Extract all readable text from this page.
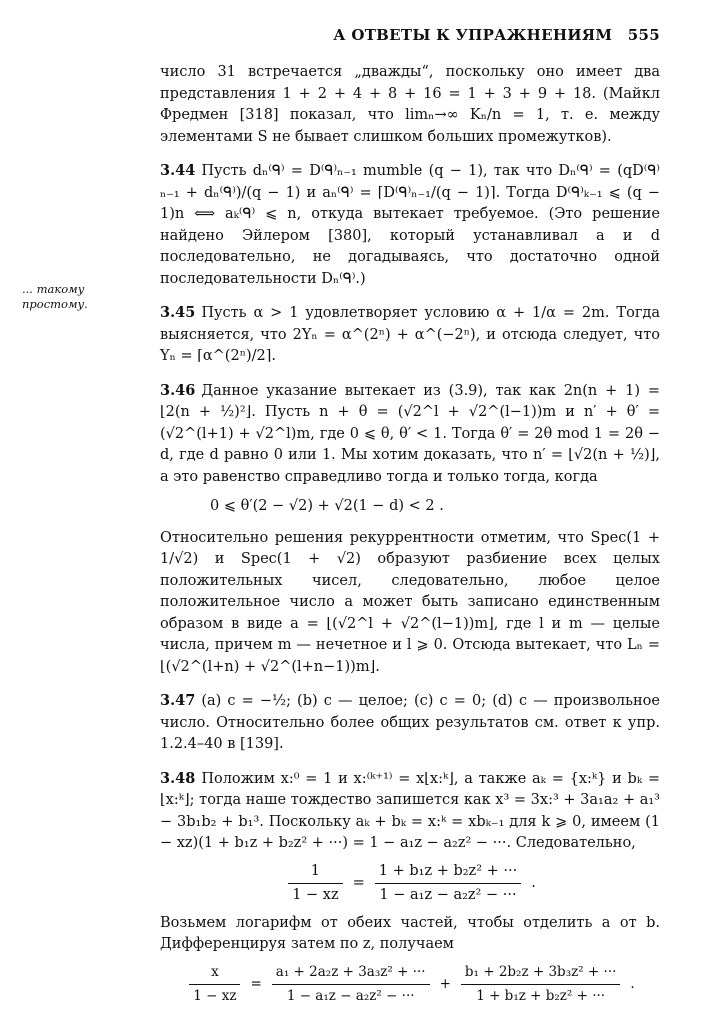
А ОТВЕТЫ К УПРАЖНЕНИЯМ 555
... такому простому.

число 31 встречается „дважды“, поскольку оно имеет два представления 1 + 2 + 4 + 8 + 16 = 1 + 3 + 9 + 18. (Майкл Фредмен [318] показал, что limₙ→∞ Kₙ/n = 1, т. е. между элементами S не бывает слишком больших промежутков).

3.44 Пусть dₙ⁽ᑫ⁾ = D⁽ᑫ⁾ₙ₋₁ mumble (q − 1), так что Dₙ⁽ᑫ⁾ = (qD⁽ᑫ⁾ₙ₋₁ + dₙ⁽ᑫ⁾)/(q − 1) и aₙ⁽ᑫ⁾ = ⌈D⁽ᑫ⁾ₙ₋₁/(q − 1)⌉. Тогда D⁽ᑫ⁾ₖ₋₁ ⩽ (q − 1)n ⟺ aₖ⁽ᑫ⁾ ⩽ n, откуда вытекает требуемое. (Это решение найдено Эйлером [380], который устанавливал a и d последовательно, не догадываясь, что достаточно одной последовательности Dₙ⁽ᑫ⁾.)

3.45 Пусть α > 1 удовлетворяет условию α + 1/α = 2m. Тогда выясняется, что 2Yₙ = α^(2ⁿ) + α^(−2ⁿ), и отсюда следует, что Yₙ = ⌈α^(2ⁿ)/2⌉.

3.46 Данное указание вытекает из (3.9), так как 2n(n + 1) = ⌊2(n + ½)²⌋. Пусть n + θ = (√2^l + √2^(l−1))m и n′ + θ′ = (√2^(l+1) + √2^l)m, где 0 ⩽ θ, θ′ < 1. Тогда θ′ = 2θ mod 1 = 2θ − d, где d равно 0 или 1. Мы хотим доказать, что n′ = ⌊√2(n + ½)⌋, а это равенство справедливо тогда и только тогда, когда

0 ⩽ θ′(2 − √2) + √2(1 − d) < 2 .

Относительно решения рекуррентности отметим, что Spec(1 + 1/√2) и Spec(1 + √2) образуют разбиение всех целых положительных чисел, следовательно, любое целое положительное число a может быть записано единственным образом в виде a = ⌊(√2^l + √2^(l−1))m⌋, где l и m — целые числа, причем m — нечетное и l ⩾ 0. Отсюда вытекает, что Lₙ = ⌊(√2^(l+n) + √2^(l+n−1))m⌋.

3.47 (a) c = −½; (b) c — целое; (c) c = 0; (d) c — произвольное число. Относительно более общих результатов см. ответ к упр. 1.2.4–40 в [139].

3.48 Положим x:⁰ = 1 и x:⁽ᵏ⁺¹⁾ = x⌊x:ᵏ⌋, а также aₖ = {x:ᵏ} и bₖ = ⌊x:ᵏ⌋; тогда наше тождество запишется как x³ = 3x:³ + 3a₁a₂ + a₁³ − 3b₁b₂ + b₁³. Поскольку aₖ + bₖ = x:ᵏ = xbₖ₋₁ для k ⩾ 0, имеем (1 − xz)(1 + b₁z + b₂z² + ···) = 1 − a₁z − a₂z² − ···. Следовательно,

$\frac{1}{1 - xz} = \frac{\text{1 + b₁z + b₂z² + ···}}{\text{1 − a₁z − a₂z² − ···}}$ .

Возьмем логарифм от обеих частей, чтобы отделить a от b. Дифференцируя затем по z, получаем

$\frac{x}{1 - xz} = \frac{\text{a₁ + 2a₂z + 3a₃z² + ···}}{\text{1 − a₁z − a₂z² − ···}} + \frac{\text{b₁ + 2b₂z + 3b₃z² + ···}}{\text{1 + b₁z + b₂z² + ···}}$ .
